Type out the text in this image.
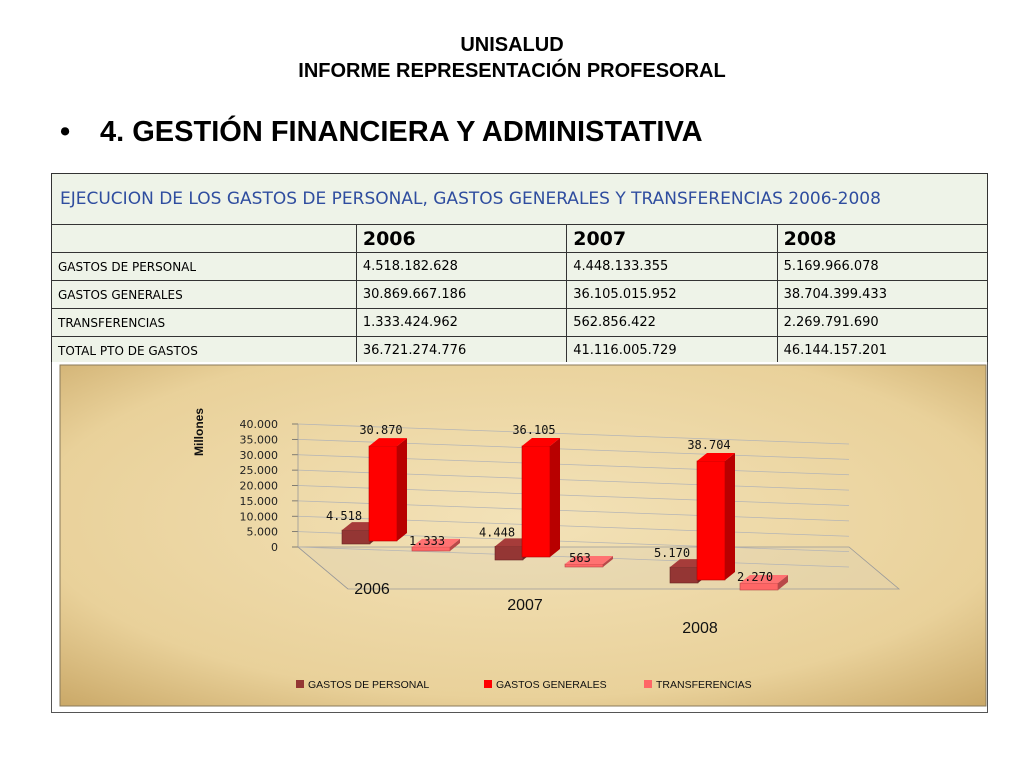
UNISALUD
INFORME REPRESENTACIÓN PROFESORAL
• 4. GESTIÓN FINANCIERA Y ADMINISTATIVA
EJECUCION DE LOS GASTOS DE PERSONAL, GASTOS GENERALES Y TRANSFERENCIAS 2006-2008			

	2006	2007	2008
GASTOS DE PERSONAL	4.518.182.628	4.448.133.355	5.169.966.078
GASTOS GENERALES	30.869.667.186	36.105.015.952	38.704.399.433
TRANSFERENCIAS	1.333.424.962	562.856.422	2.269.791.690
TOTAL PTO DE GASTOS	36.721.274.776	41.116.005.729	46.144.157.201
40.000
35.000
30.000
25.000
20.000
15.000
10.000
5.000
0
Millones
4.518
30.870
1.333
2006
4.448
36.105
563
2007
5.170
38.704
2.270
2008
GASTOS DE PERSONAL	GASTOS GENERALES	TRANSFERENCIAS
